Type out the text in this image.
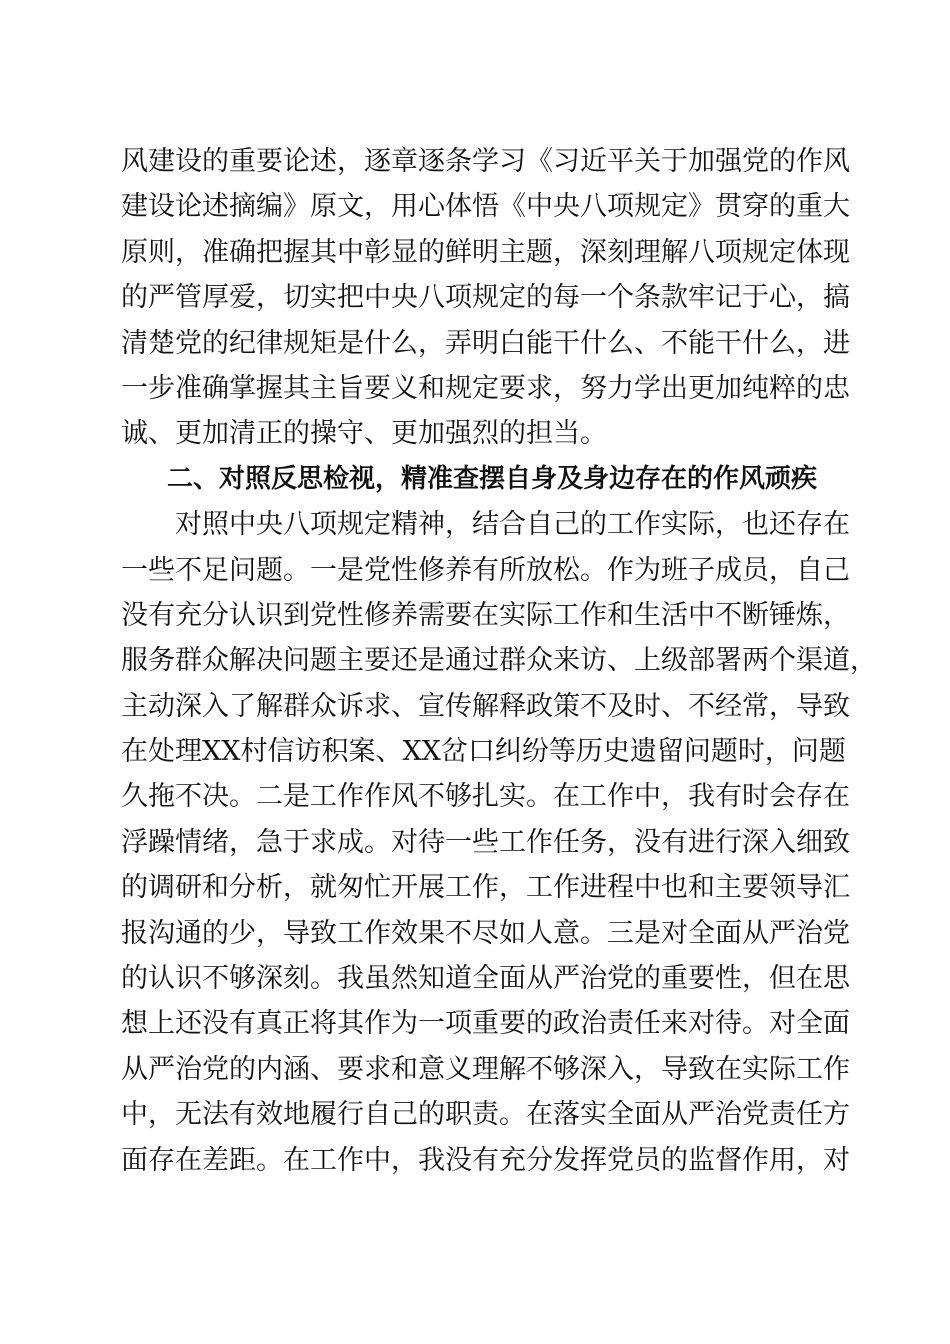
风建设的重要论述，逐章逐条学习《习近平关于加强党的作风
建设论述摘编》原文，用心体悟《中央八项规定》贯穿的重大
原则，准确把握其中彰显的鲜明主题，深刻理解八项规定体现
的严管厚爱，切实把中央八项规定的每一个条款牢记于心，搞
清楚党的纪律规矩是什么，弄明白能干什么、不能干什么，进
一步准确掌握其主旨要义和规定要求，努力学出更加纯粹的忠
诚、更加清正的操守、更加强烈的担当。
二、对照反思检视，精准查摆自身及身边存在的作风顽疾
对照中央八项规定精神，结合自己的工作实际，也还存在
一些不足问题。一是党性修养有所放松。作为班子成员，自己
没有充分认识到党性修养需要在实际工作和生活中不断锤炼，
服务群众解决问题主要还是通过群众来访、上级部署两个渠道，
主动深入了解群众诉求、宣传解释政策不及时、不经常，导致
在处理XX村信访积案、XX岔口纠纷等历史遗留问题时，问题
久拖不决。二是工作作风不够扎实。在工作中，我有时会存在
浮躁情绪，急于求成。对待一些工作任务，没有进行深入细致
的调研和分析，就匆忙开展工作，工作进程中也和主要领导汇
报沟通的少，导致工作效果不尽如人意。三是对全面从严治党
的认识不够深刻。我虽然知道全面从严治党的重要性，但在思
想上还没有真正将其作为一项重要的政治责任来对待。对全面
从严治党的内涵、要求和意义理解不够深入，导致在实际工作
中，无法有效地履行自己的职责。在落实全面从严治党责任方
面存在差距。在工作中，我没有充分发挥党员的监督作用，对
